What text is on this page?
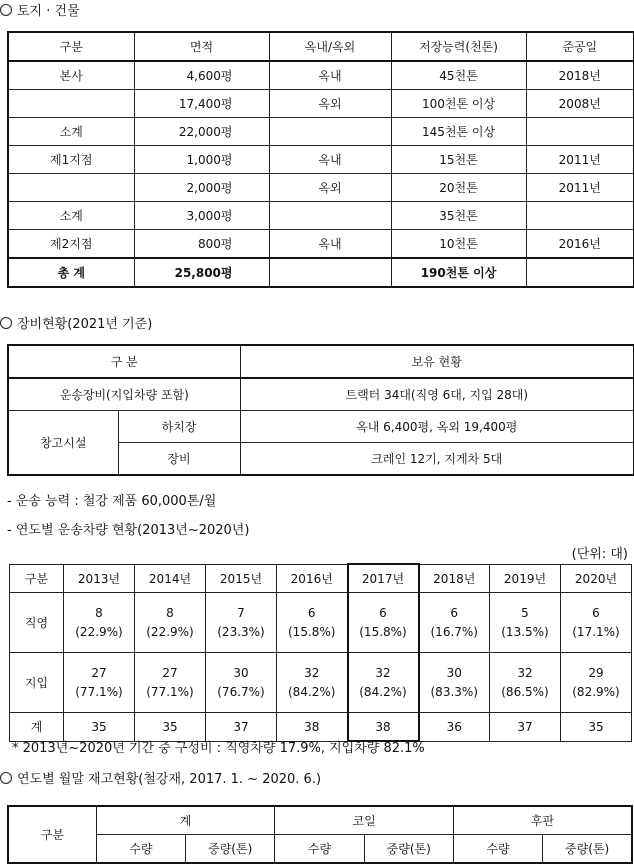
토지 · 건물
구분	면적	옥내/옥외	저장능력(천톤)	준공일
본사	4,600평	옥내	45천톤	2018년
	17,400평	옥외	100천톤 이상	2008년
소계	22,000평		145천톤 이상	
제1지점	1,000평	옥내	15천톤	2011년
	2,000평	옥외	20천톤	2011년
소계	3,000평		35천톤	
제2지점	800평	옥내	10천톤	2016년
총 계	25,800평		190천톤 이상	
장비현황(2021년 기준)
구 분		보유 현황
운송장비(지입차량 포함)		트랙터 34대(직영 6대, 지입 28대)
창고시설	하치장	옥내 6,400평, 옥외 19,400평
	장비	크레인 12기, 지게차 5대
- 운송 능력 : 철강 제품 60,000톤/월
- 연도별 운송차량 현황(2013년~2020년)
(단위: 대)
구분	2013년	2014년	2015년	2016년	2017년	2018년	2019년	2020년
직영	8	8	7	6	6	6	5	6
	(22.9%)	(22.9%)	(23.3%)	(15.8%)	(15.8%)	(16.7%)	(13.5%)	(17.1%)
지입	27	27	30	32	32	30	32	29
	(77.1%)	(77.1%)	(76.7%)	(84.2%)	(84.2%)	(83.3%)	(86.5%)	(82.9%)
계	35	35	37	38	38	36	37	35
* 2013년~2020년 기간 중 구성비 : 직영차량 17.9%, 지입차량 82.1%
연도별 월말 재고현황(철강재, 2017. 1. ~ 2020. 6.)
구분	계		코일		후판	
	수량	중량(톤)	수량	중량(톤)	수량	중량(톤)
